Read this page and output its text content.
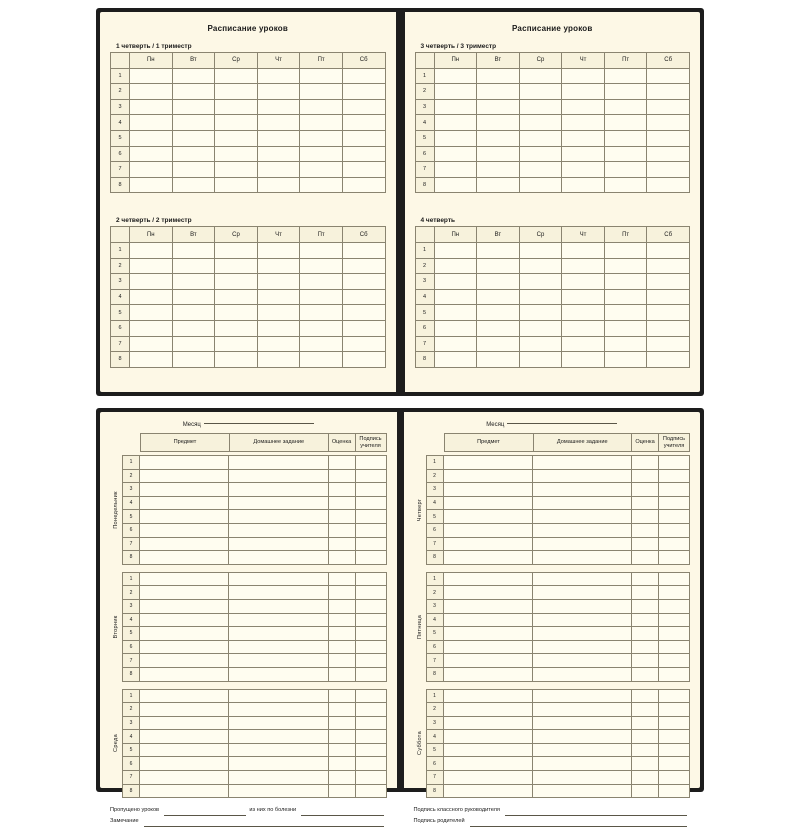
Расписание уроков
1 четверть / 1 триместр
	Пн	Вт	Ср	Чт	Пт	Сб
1						
2						
3						
4						
5						
6						
7						
8						
2 четверть / 2 триместр
	Пн	Вт	Ср	Чт	Пт	Сб
1						
2						
3						
4						
5						
6						
7						
8						
Расписание уроков
3 четверть / 3 триместр
	Пн	Вт	Ср	Чт	Пт	Сб
1						
2						
3						
4						
5						
6						
7						
8						
4 четверть
	Пн	Вт	Ср	Чт	Пт	Сб
1						
2						
3						
4						
5						
6						
7						
8						
Месяц
		Предмет	Домашнее задание	Оценка	Подпись учителя
Понедельник
1				
2				
3				
4				
5				
6				
7				
8				
Вторник
1				
2				
3				
4				
5				
6				
7				
8				
Среда
1				
2				
3				
4				
5				
6				
7				
8				
Пропущено уроков	из них по болезни
Замечание
Месяц
		Предмет	Домашнее задание	Оценка	Подпись учителя
Четверг
1				
2				
3				
4				
5				
6				
7				
8				
Пятница
1				
2				
3				
4				
5				
6				
7				
8				
Суббота
1				
2				
3				
4				
5				
6				
7				
8				
Подпись классного руководителя
Подпись родителей
